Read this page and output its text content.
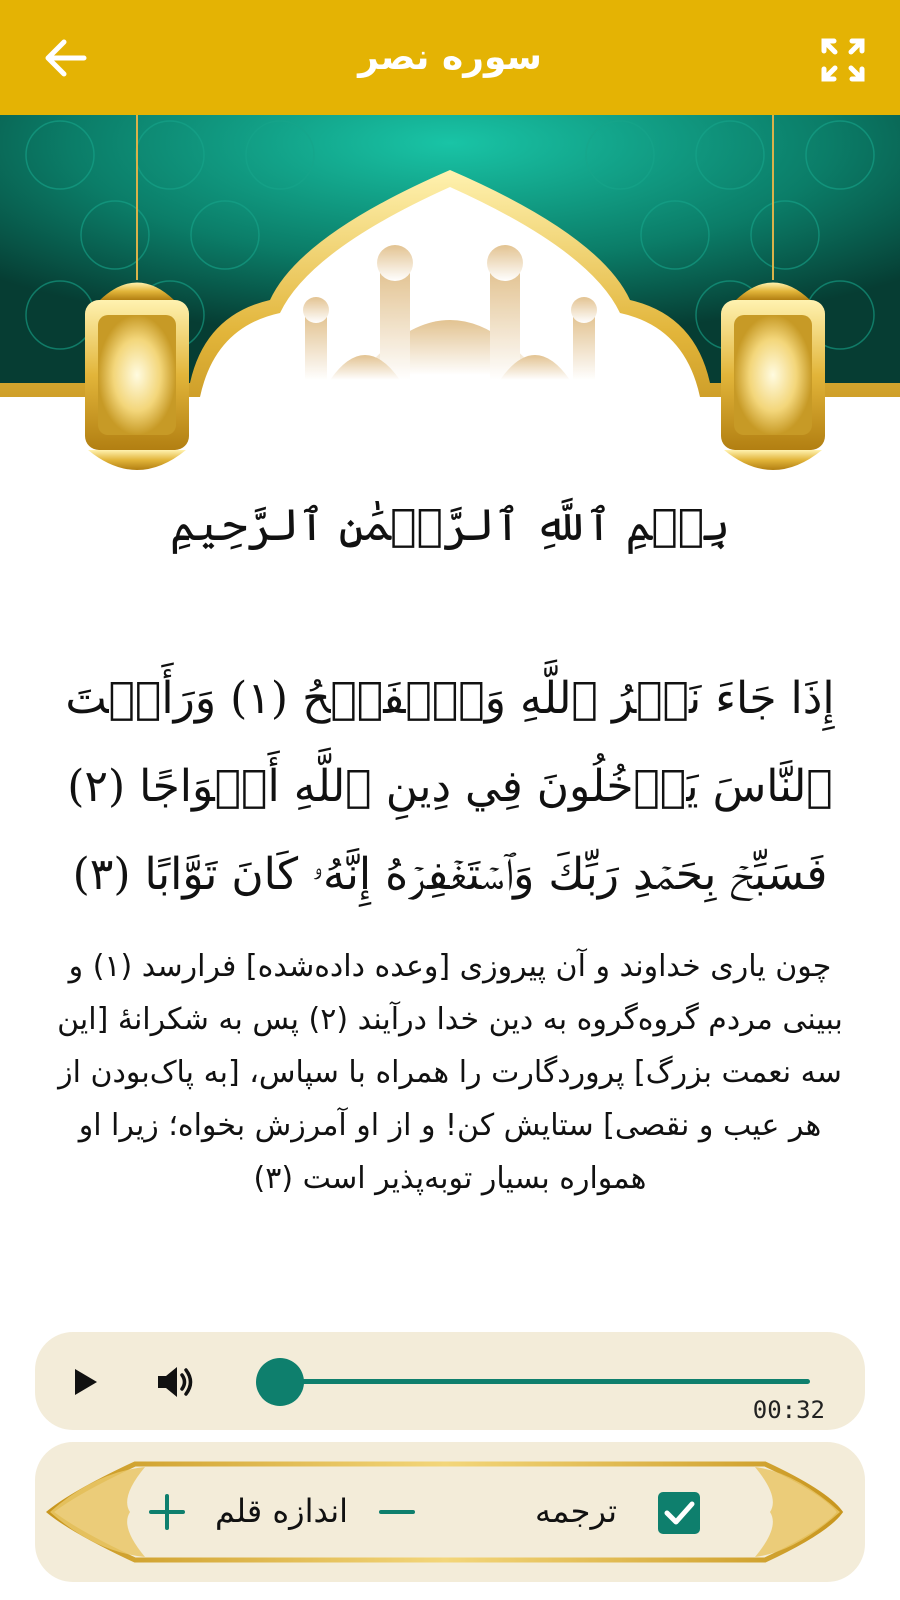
سوره نصر
بِسۡمِ ٱللَّهِ ٱلرَّحۡمَٰنِ ٱلرَّحِيمِ
إِذَا جَاءَ نَصۡرُ ٱللَّهِ وَٱلۡفَتۡحُ (١) وَرَأَيۡتَ ٱلنَّاسَ يَدۡخُلُونَ فِي دِينِ ٱللَّهِ أَفۡوَاجًا (٢) فَسَبِّحۡ بِحَمۡدِ رَبِّكَ وَٱسۡتَغۡفِرۡهُ إِنَّهُۥ كَانَ تَوَّابًا (٣)
چون یاری خداوند و آن پیروزی [وعده داده‌شده] فرارسد (۱) و ببینی مردم گروه‌گروه به دین خدا درآیند (۲) پس به شکرانهٔ [این سه نعمت بزرگ] پروردگارت را همراه با سپاس، [به پاک‌بودن از هر عیب و نقصی] ستایش کن! و از او آمرزش بخواه؛ زیرا او همواره بسیار توبه‌پذیر است (۳)
00:32
اندازه قلم	ترجمه
